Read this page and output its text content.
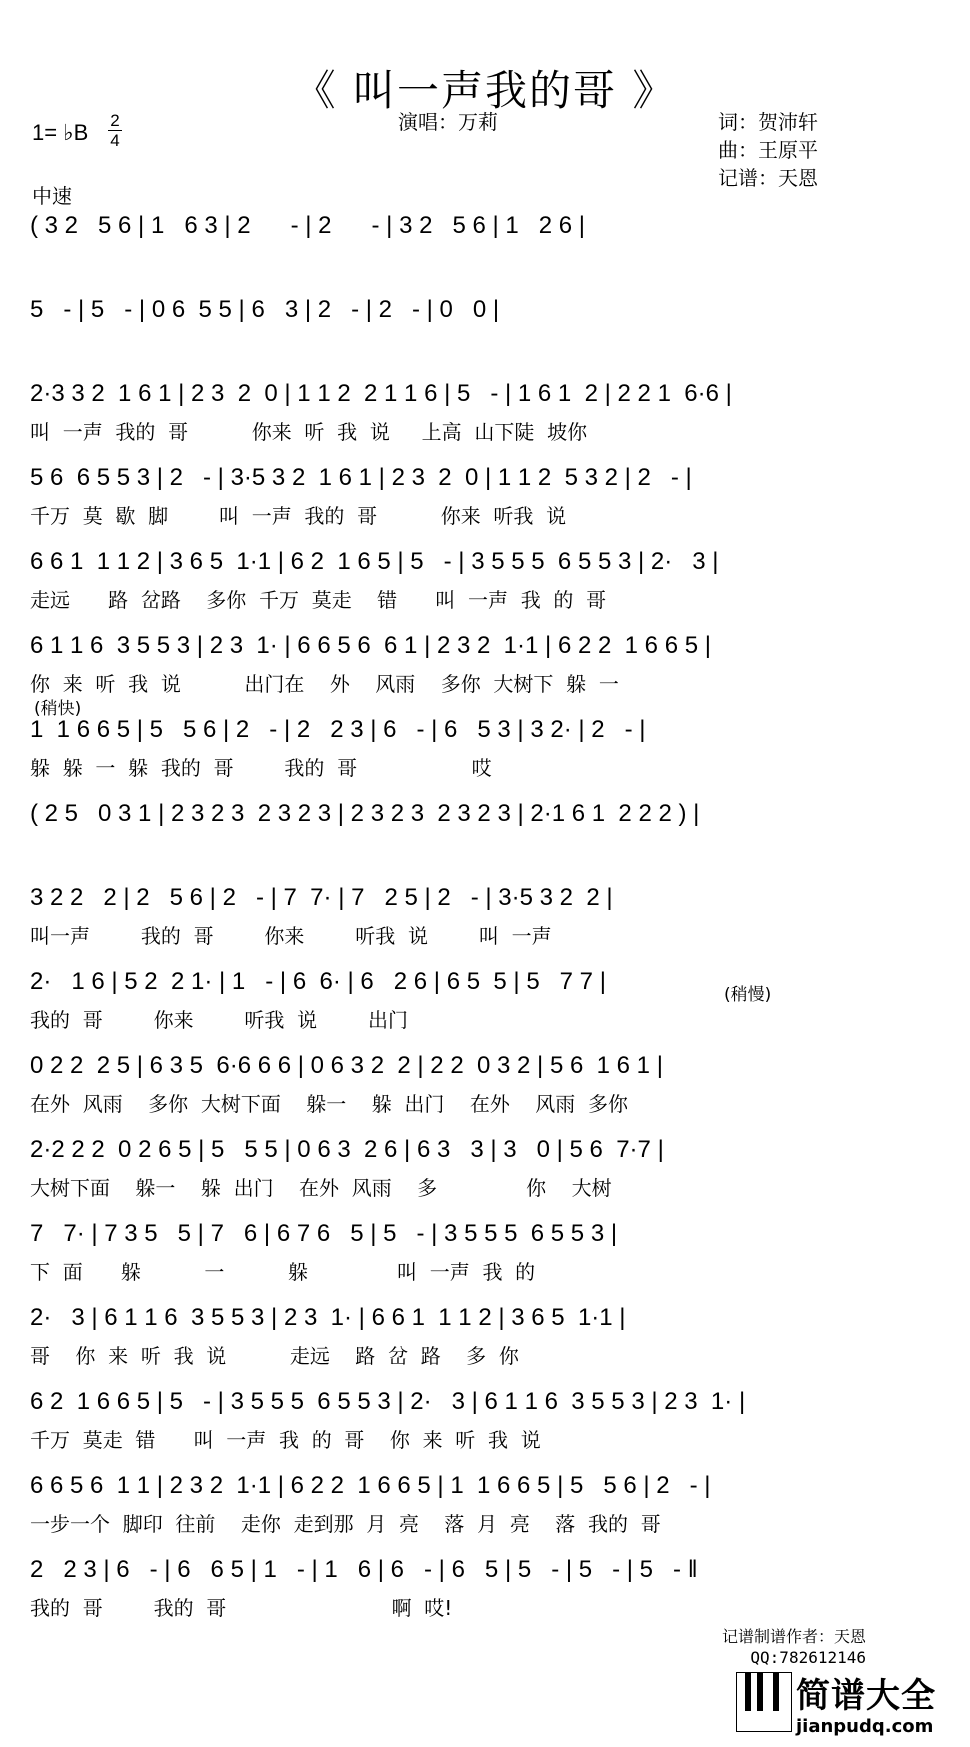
《 叫一声我的哥 》
演唱：万莉	词：贺沛轩
曲：王原平
记谱：天恩
1= ♭B 2
4
中速
( 3 2   5 6 | 1   6 3 | 2      - | 2      - | 3 2   5 6 | 1   2 6 |
5   - | 5   - | 0 6  5 5 | 6   3 | 2   - | 2   - | 0   0 |
2·3 3 2  1 6 1 | 2 3  2  0 | 1 1 2  2 1 1 6 | 5   - | 1 6 1  2 | 2 2 1  6·6 |
叫  一声  我的  哥          你来  听  我  说     上高  山下陡  坡你
5 6  6 5 5 3 | 2   - | 3·5 3 2  1 6 1 | 2 3  2  0 | 1 1 2  5 3 2 | 2   - |
千万  莫  歇  脚        叫  一声  我的  哥          你来  听我  说
6 6 1  1 1 2 | 3 6 5  1·1 | 6 2  1 6 5 | 5   - | 3 5 5 5  6 5 5 3 | 2·   3 |
走远      路  岔路    多你  千万  莫走    错      叫  一声  我  的  哥
6 1 1 6  3 5 5 3 | 2 3  1· | 6 6 5 6  6 1 | 2 3 2  1·1 | 6 2 2  1 6 6 5 |
你  来  听  我  说          出门在    外    风雨    多你  大树下  躲  一
1  1 6 6 5 | 5   5 6 | 2   - | 2   2 3 | 6   - | 6   5 3 | 3 2· | 2   - |
躲  躲  一  躲  我的  哥        我的  哥                  哎
( 2 5   0 3 1 | 2 3 2 3  2 3 2 3 | 2 3 2 3  2 3 2 3 | 2·1 6 1  2 2 2 ) |
3 2 2   2 | 2   5 6 | 2   - | 7  7· | 7   2 5 | 2   - | 3·5 3 2  2 |
叫一声        我的  哥        你来        听我  说        叫  一声
2·   1 6 | 5 2  2 1· | 1   - | 6  6· | 6   2 6 | 6 5  5 | 5   7 7 |
我的  哥        你来        听我  说        出门
0 2 2  2 5 | 6 3 5  6·6 6 6 | 0 6 3 2  2 | 2 2  0 3 2 | 5 6  1 6 1 |
在外  风雨    多你  大树下面    躲一    躲  出门    在外    风雨  多你
2·2 2 2  0 2 6 5 | 5   5 5 | 0 6 3  2 6 | 6 3   3 | 3   0 | 5 6  7·7 |
大树下面    躲一    躲  出门    在外  风雨    多              你    大树
7   7· | 7 3 5   5 | 7   6 | 6 7 6   5 | 5   - | 3 5 5 5  6 5 5 3 |
下  面      躲          一          躲              叫  一声  我  的
2·   3 | 6 1 1 6  3 5 5 3 | 2 3  1· | 6 6 1  1 1 2 | 3 6 5  1·1 |
哥    你  来  听  我  说          走远    路  岔  路    多  你
6 2  1 6 6 5 | 5   - | 3 5 5 5  6 5 5 3 | 2·   3 | 6 1 1 6  3 5 5 3 | 2 3  1· |
千万  莫走  错      叫  一声  我  的  哥    你  来  听  我  说
6 6 5 6  1 1 | 2 3 2  1·1 | 6 2 2  1 6 6 5 | 1  1 6 6 5 | 5   5 6 | 2   - |
一步一个  脚印  往前    走你  走到那  月  亮    落  月  亮    落  我的  哥
2   2 3 | 6   - | 6   6 5 | 1   - | 1   6 | 6   - | 6   5 | 5   - | 5   - | 5   - ‖
我的  哥        我的  哥                          啊  哎!
(稍快)
(稍慢)
记谱制谱作者：天恩
QQ:782612146
简谱大全
jianpudq.com
